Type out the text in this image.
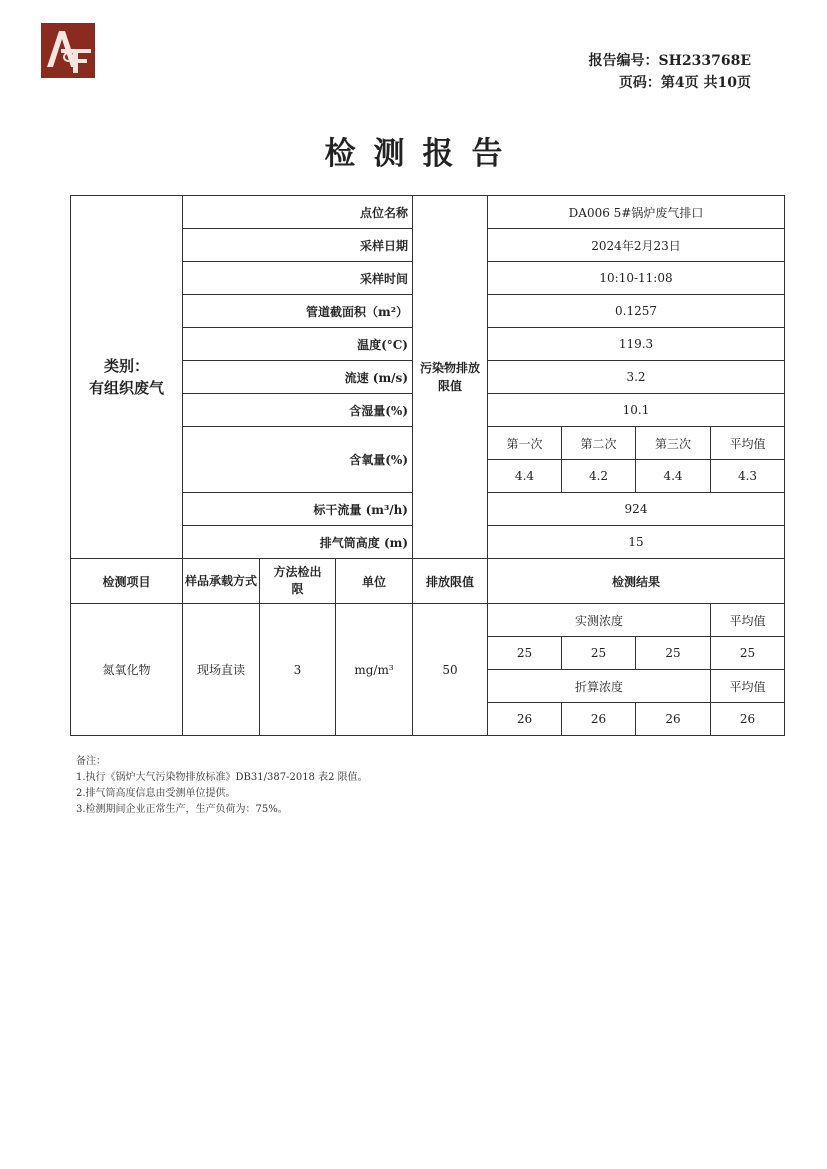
报告编号：SH233768E
页码：第4页 共10页
检测报告
类别：
有组织废气	点位名称			污染物排放限值	DA006 5#锅炉废气排口			
	采样日期				2024年2月23日			
	采样时间				10:10-11:08			
	管道截面积（m²）				0.1257			
	温度(°C)				119.3			
	流速 (m/s)				3.2			
	含湿量(%)				10.1			
	含氧量(%)				第一次	第二次	第三次	平均值
					4.4	4.2	4.4	4.3
	标干流量 (m³/h)				924			
	排气筒高度 (m)				15			
检测项目	样品承载方式	方法检出限	单位	排放限值	检测结果			
氮氧化物	现场直读	3	mg/m³	50	实测浓度			平均值
					25	25	25	25
					折算浓度			平均值
					26	26	26	26
备注：
1.执行《锅炉大气污染物排放标准》DB31/387-2018 表2 限值。
2.排气筒高度信息由受测单位提供。
3.检测期间企业正常生产，生产负荷为：75%。
